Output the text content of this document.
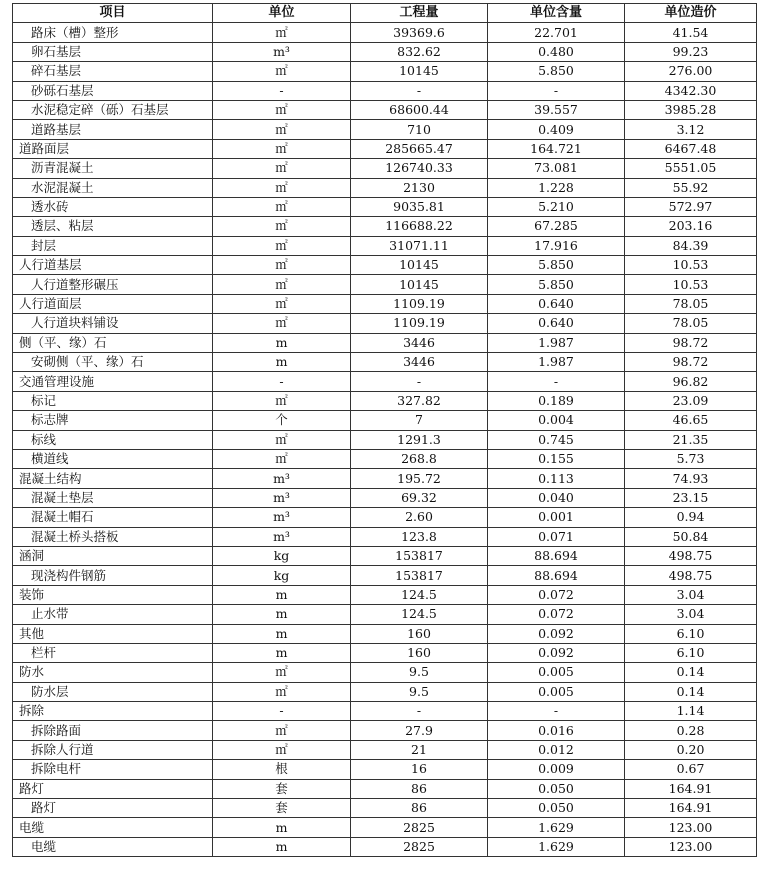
项目	单位	工程量	单位含量	单位造价
路床（槽）整形	㎡	39369.6	22.701	41.54
卵石基层	m³	832.62	0.480	99.23
碎石基层	㎡	10145	5.850	276.00
砂砾石基层	-	-	-	4342.30
水泥稳定碎（砾）石基层	㎡	68600.44	39.557	3985.28
道路基层	㎡	710	0.409	3.12
道路面层	㎡	285665.47	164.721	6467.48
沥青混凝土	㎡	126740.33	73.081	5551.05
水泥混凝土	㎡	2130	1.228	55.92
透水砖	㎡	9035.81	5.210	572.97
透层、粘层	㎡	116688.22	67.285	203.16
封层	㎡	31071.11	17.916	84.39
人行道基层	㎡	10145	5.850	10.53
人行道整形碾压	㎡	10145	5.850	10.53
人行道面层	㎡	1109.19	0.640	78.05
人行道块料铺设	㎡	1109.19	0.640	78.05
侧（平、缘）石	m	3446	1.987	98.72
安砌侧（平、缘）石	m	3446	1.987	98.72
交通管理设施	-	-	-	96.82
标记	㎡	327.82	0.189	23.09
标志牌	个	7	0.004	46.65
标线	㎡	1291.3	0.745	21.35
横道线	㎡	268.8	0.155	5.73
混凝土结构	m³	195.72	0.113	74.93
混凝土垫层	m³	69.32	0.040	23.15
混凝土帽石	m³	2.60	0.001	0.94
混凝土桥头搭板	m³	123.8	0.071	50.84
涵洞	kg	153817	88.694	498.75
现浇构件钢筋	kg	153817	88.694	498.75
装饰	m	124.5	0.072	3.04
止水带	m	124.5	0.072	3.04
其他	m	160	0.092	6.10
栏杆	m	160	0.092	6.10
防水	㎡	9.5	0.005	0.14
防水层	㎡	9.5	0.005	0.14
拆除	-	-	-	1.14
拆除路面	㎡	27.9	0.016	0.28
拆除人行道	㎡	21	0.012	0.20
拆除电杆	根	16	0.009	0.67
路灯	套	86	0.050	164.91
路灯	套	86	0.050	164.91
电缆	m	2825	1.629	123.00
电缆	m	2825	1.629	123.00
